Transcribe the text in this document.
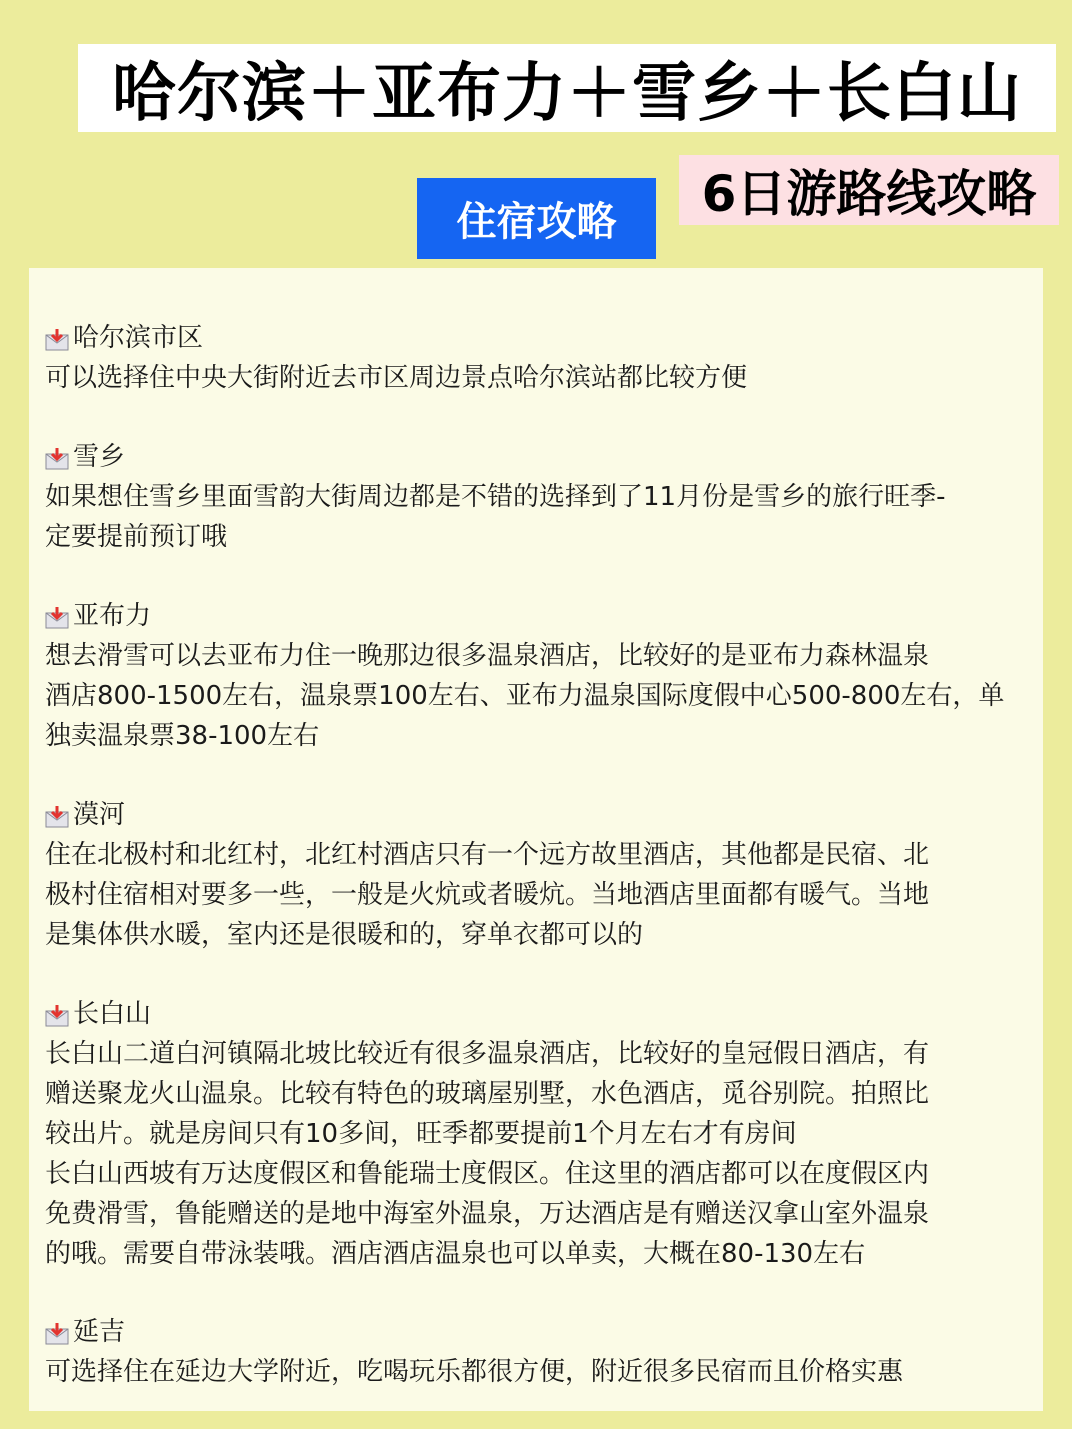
哈尔滨＋亚布力＋雪乡＋长白山
6日游路线攻略
住宿攻略
哈尔滨市区

可以选择住中央大街附近去市区周边景点哈尔滨站都比较方便

雪乡

如果想住雪乡里面雪韵大街周边都是不错的选择到了11月份是雪乡的旅行旺季-

定要提前预订哦

亚布力

想去滑雪可以去亚布力住一晚那边很多温泉酒店，比较好的是亚布力森林温泉

酒店800-1500左右，温泉票100左右、亚布力温泉国际度假中心500-800左右，单

独卖温泉票38-100左右

漠河

住在北极村和北红村，北红村酒店只有一个远方故里酒店，其他都是民宿、北

极村住宿相对要多一些，一般是火炕或者暖炕。当地酒店里面都有暖气。当地

是集体供水暖，室内还是很暖和的，穿单衣都可以的

长白山

长白山二道白河镇隔北坡比较近有很多温泉酒店，比较好的皇冠假日酒店，有

赠送聚龙火山温泉。比较有特色的玻璃屋别墅，水色酒店，觅谷别院。拍照比

较出片。就是房间只有10多间，旺季都要提前1个月左右才有房间

长白山西坡有万达度假区和鲁能瑞士度假区。住这里的酒店都可以在度假区内

免费滑雪，鲁能赠送的是地中海室外温泉，万达酒店是有赠送汉拿山室外温泉

的哦。需要自带泳装哦。酒店酒店温泉也可以单卖，大概在80-130左右

延吉

可选择住在延边大学附近，吃喝玩乐都很方便，附近很多民宿而且价格实惠
